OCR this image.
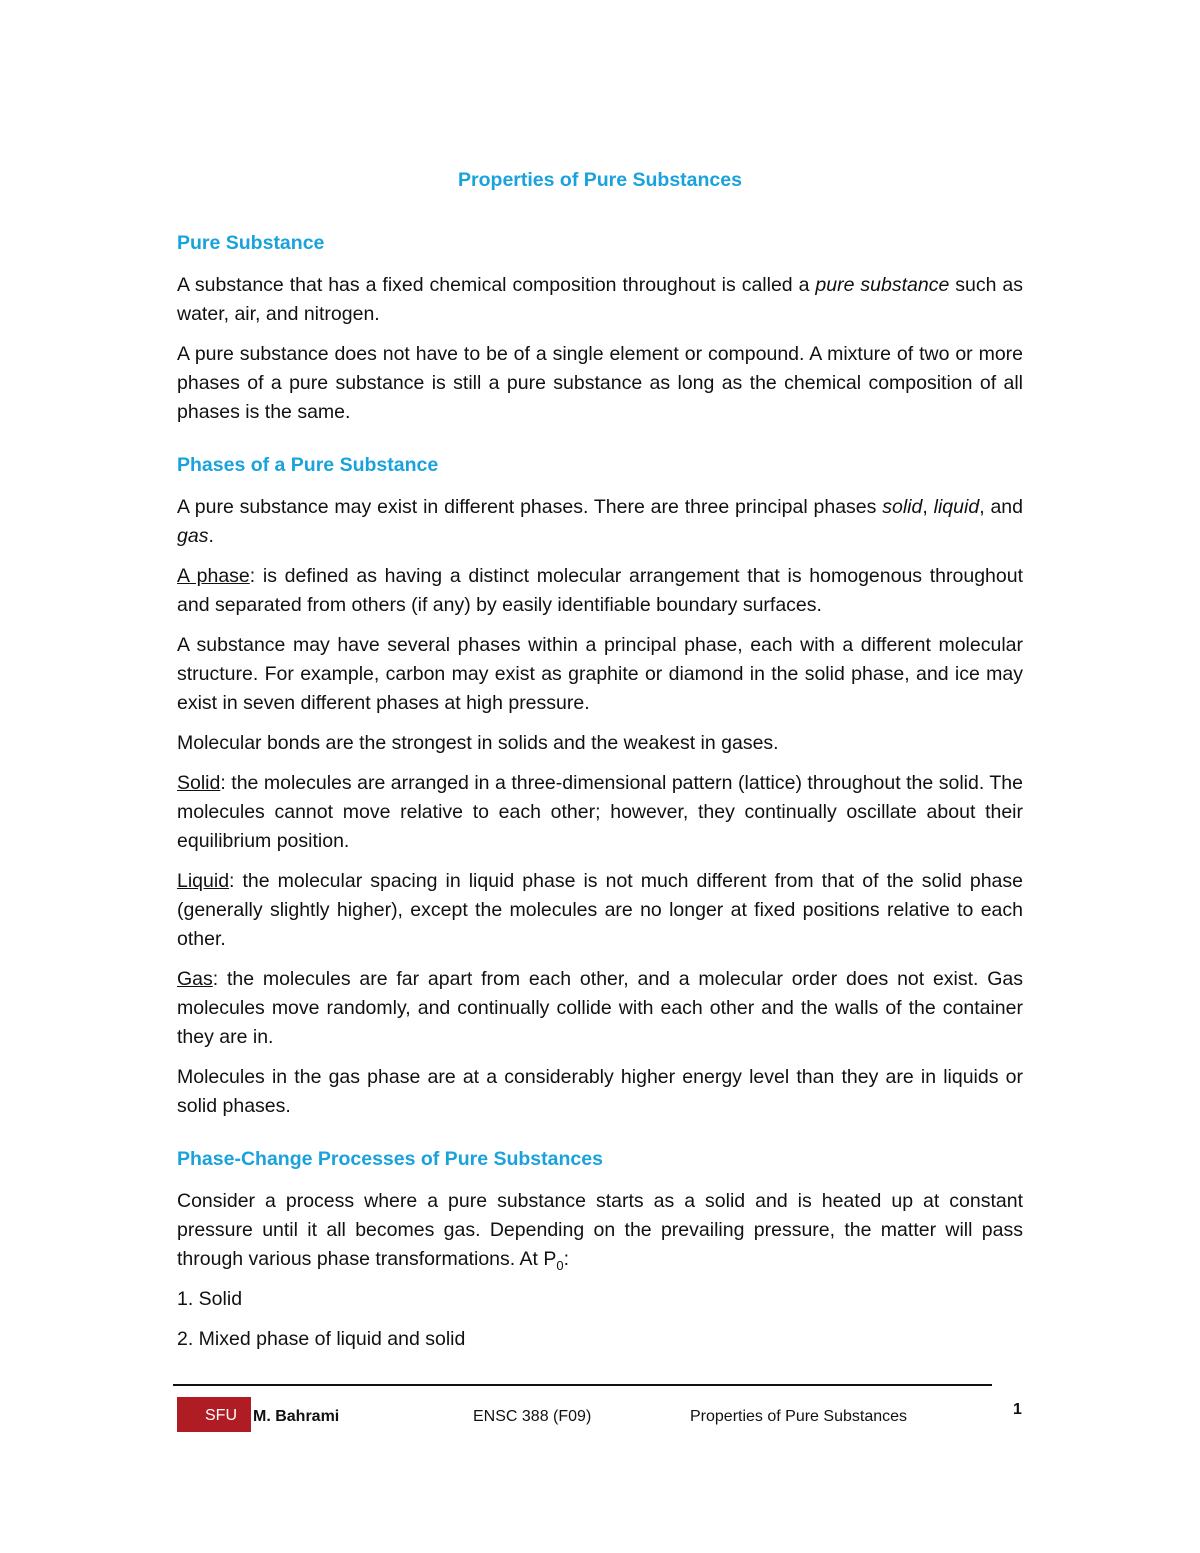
Properties of Pure Substances
Pure Substance

A substance that has a fixed chemical composition throughout is called a pure substance such as water, air, and nitrogen.

A pure substance does not have to be of a single element or compound. A mixture of two or more phases of a pure substance is still a pure substance as long as the chemical composition of all phases is the same.

Phases of a Pure Substance

A pure substance may exist in different phases. There are three principal phases solid, liquid, and gas.

A phase: is defined as having a distinct molecular arrangement that is homogenous throughout and separated from others (if any) by easily identifiable boundary surfaces.

A substance may have several phases within a principal phase, each with a different molecular structure. For example, carbon may exist as graphite or diamond in the solid phase, and ice may exist in seven different phases at high pressure.

Molecular bonds are the strongest in solids and the weakest in gases.

Solid: the molecules are arranged in a three-dimensional pattern (lattice) throughout the solid. The molecules cannot move relative to each other; however, they continually oscillate about their equilibrium position.

Liquid: the molecular spacing in liquid phase is not much different from that of the solid phase (generally slightly higher), except the molecules are no longer at fixed positions relative to each other.

Gas: the molecules are far apart from each other, and a molecular order does not exist. Gas molecules move randomly, and continually collide with each other and the walls of the container they are in.

Molecules in the gas phase are at a considerably higher energy level than they are in liquids or solid phases.

Phase-Change Processes of Pure Substances

Consider a process where a pure substance starts as a solid and is heated up at constant pressure until it all becomes gas. Depending on the prevailing pressure, the matter will pass through various phase transformations. At $P_0$:

1. Solid

2. Mixed phase of liquid and solid

SFU M. Bahrami	ENSC 388 (F09)	Properties of Pure Substances	1
